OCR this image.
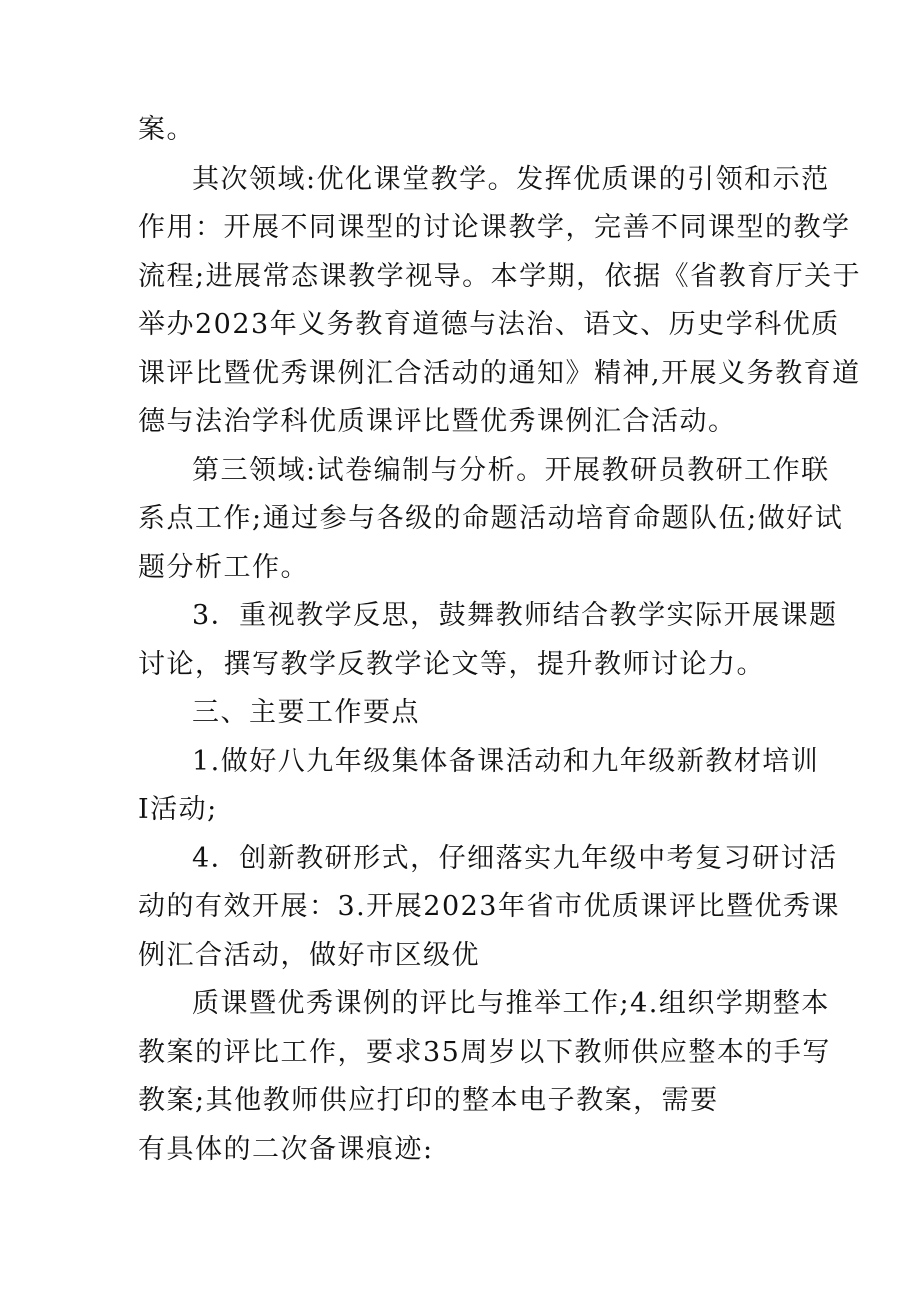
案。
其次领域:优化课堂教学。发挥优质课的引领和示范
作用：开展不同课型的讨论课教学，完善不同课型的教学
流程;进展常态课教学视导。本学期，依据《省教育厅关于
举办2023年义务教育道德与法治、语文、历史学科优质
课评比暨优秀课例汇合活动的通知》精神,开展义务教育道
德与法治学科优质课评比暨优秀课例汇合活动。
第三领域:试卷编制与分析。开展教研员教研工作联
系点工作;通过参与各级的命题活动培育命题队伍;做好试
题分析工作。
3．重视教学反思，鼓舞教师结合教学实际开展课题
讨论，撰写教学反教学论文等，提升教师讨论力。
三、主要工作要点
1.做好八九年级集体备课活动和九年级新教材培训
I活动;
4．创新教研形式，仔细落实九年级中考复习研讨活
动的有效开展：3.开展2023年省市优质课评比暨优秀课
例汇合活动，做好市区级优
质课暨优秀课例的评比与推举工作;4.组织学期整本
教案的评比工作，要求35周岁以下教师供应整本的手写
教案;其他教师供应打印的整本电子教案，需要
有具体的二次备课痕迹:
